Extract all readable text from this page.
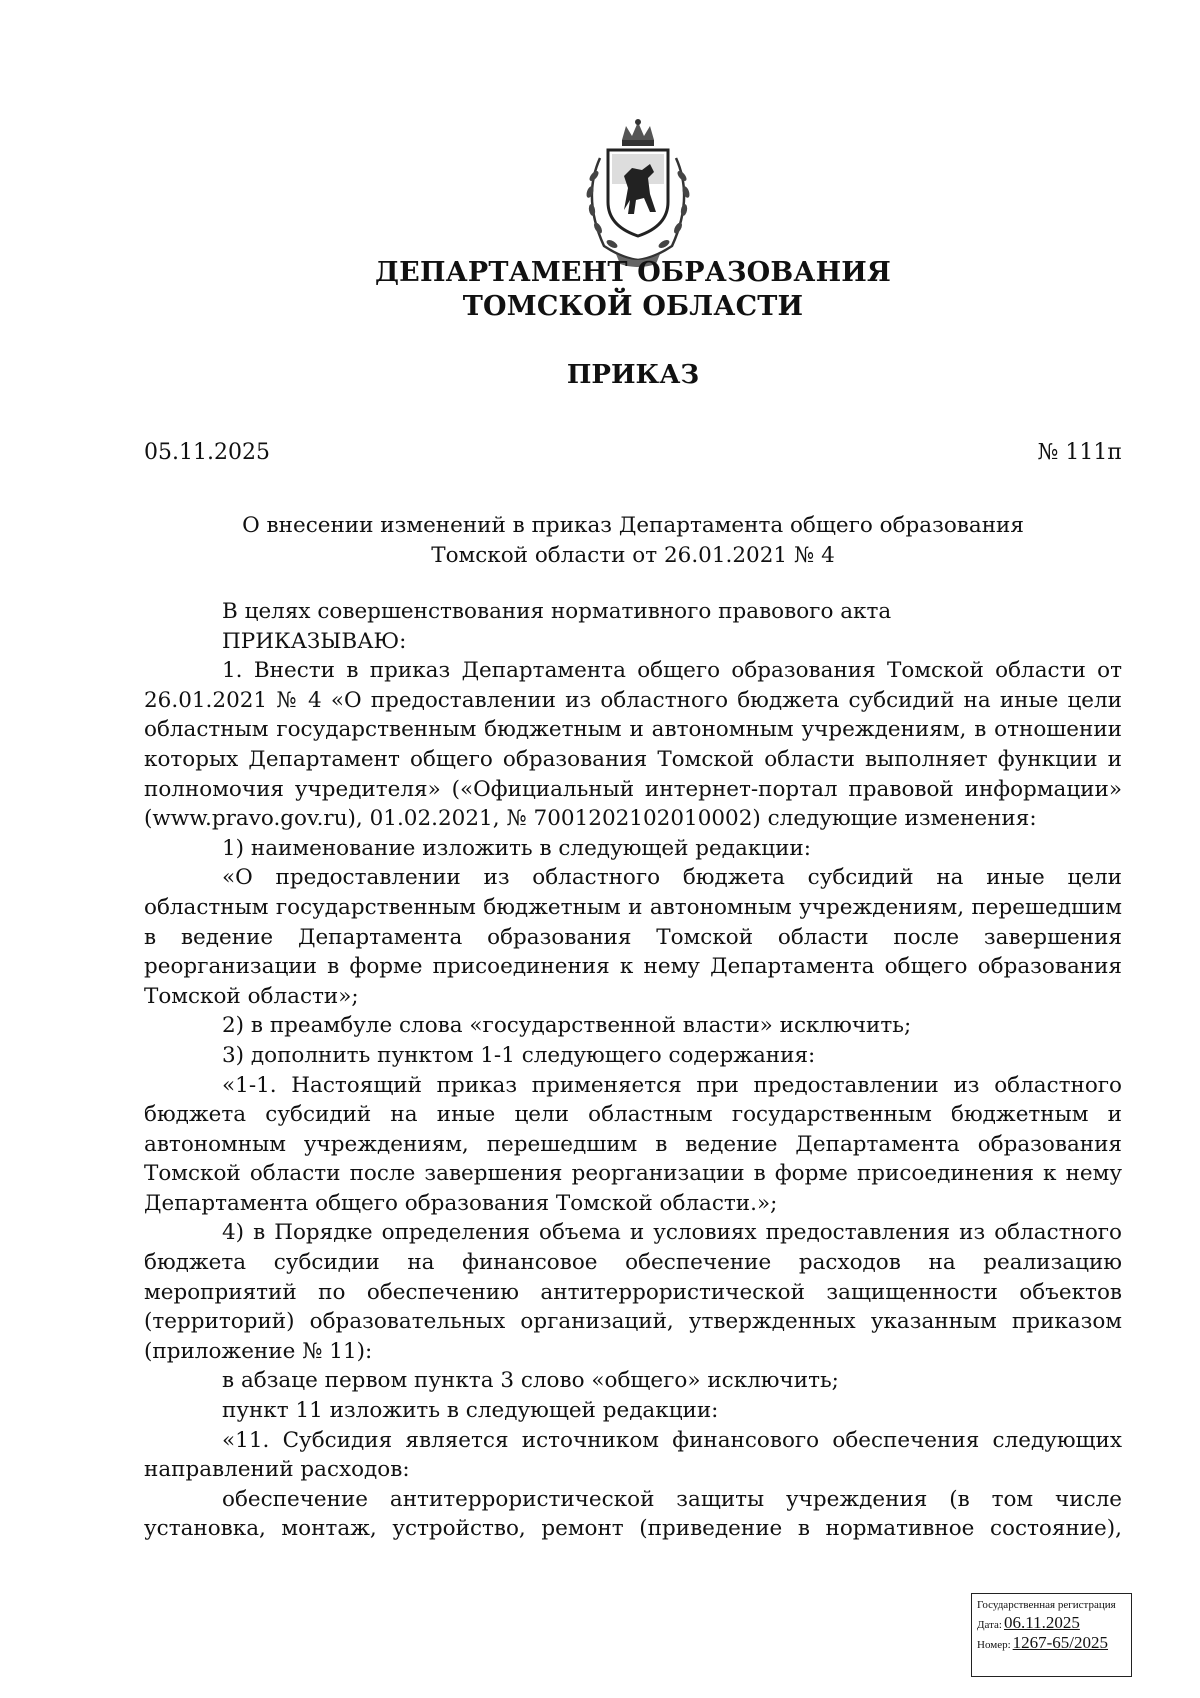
ДЕПАРТАМЕНТ ОБРАЗОВАНИЯ
ТОМСКОЙ ОБЛАСТИ
ПРИКАЗ
05.11.2025	№ 111п
О внесении изменений в приказ Департамента общего образования
Томской области от 26.01.2021 № 4

В целях совершенствования нормативного правового акта

ПРИКАЗЫВАЮ:

1. Внести в приказ Департамента общего образования Томской области от 26.01.2021 № 4 «О предоставлении из областного бюджета субсидий на иные цели областным государственным бюджетным и автономным учреждениям, в отношении которых Департамент общего образования Томской области выполняет функции и полномочия учредителя» («Официальный интернет-портал правовой информации» (www.pravo.gov.ru), 01.02.2021, № 7001202102010002) следующие изменения:

1) наименование изложить в следующей редакции:

«О предоставлении из областного бюджета субсидий на иные цели областным государственным бюджетным и автономным учреждениям, перешедшим в ведение Департамента образования Томской области после завершения реорганизации в форме присоединения к нему Департамента общего образования Томской области»;

2) в преамбуле слова «государственной власти» исключить;

3) дополнить пунктом 1-1 следующего содержания:

«1-1. Настоящий приказ применяется при предоставлении из областного бюджета субсидий на иные цели областным государственным бюджетным и автономным учреждениям, перешедшим в ведение Департамента образования Томской области после завершения реорганизации в форме присоединения к нему Департамента общего образования Томской области.»;

4) в Порядке определения объема и условиях предоставления из областного бюджета субсидии на финансовое обеспечение расходов на реализацию мероприятий по обеспечению антитеррористической защищенности объектов (территорий) образовательных организаций, утвержденных указанным приказом (приложение № 11):

в абзаце первом пункта 3 слово «общего» исключить;

пункт 11 изложить в следующей редакции:

«11. Субсидия является источником финансового обеспечения следующих направлений расходов:

обеспечение антитеррористической защиты учреждения (в том числе установка, монтаж, устройство, ремонт (приведение в нормативное состояние),

Государственная регистрация
Дата: 06.11.2025
Номер: 1267-65/2025
